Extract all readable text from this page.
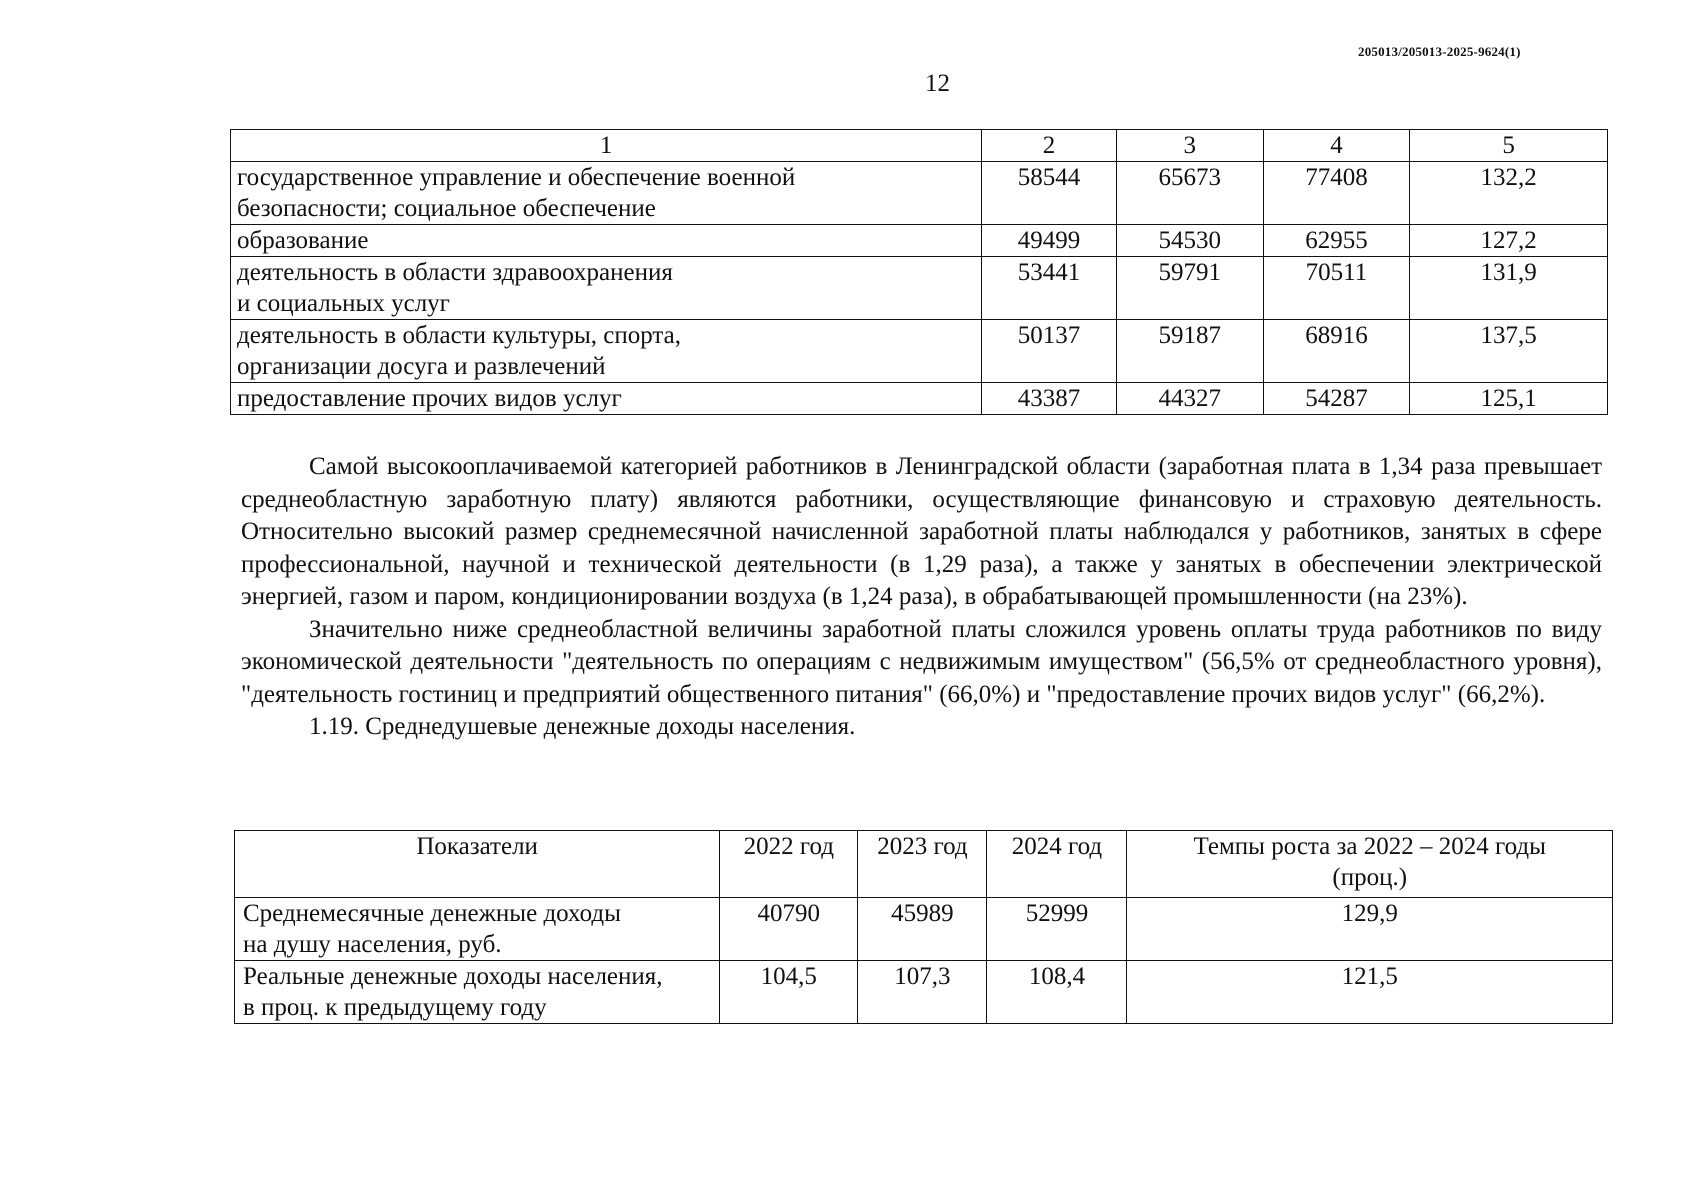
205013/205013-2025-9624(1)
12
1	2	3	4	5
государственное управление и обеспечение военной
безопасности; социальное обеспечение	58544	65673	77408	132,2
образование	49499	54530	62955	127,2
деятельность в области здравоохранения
и социальных услуг	53441	59791	70511	131,9
деятельность в области культуры, спорта,
организации досуга и развлечений	50137	59187	68916	137,5
предоставление прочих видов услуг	43387	44327	54287	125,1

Самой высокооплачиваемой категорией работников в Ленинградской области (заработная плата в 1,34 раза превышает среднеобластную заработную плату) являются работники, осуществляющие финансовую и страховую деятельность. Относительно высокий размер среднемесячной начисленной заработной платы наблюдался у работников, занятых в сфере профессиональной, научной и технической деятельности (в 1,29 раза), а также у занятых в обеспечении электрической энергией, газом и паром, кондиционировании воздуха (в 1,24 раза), в обрабатывающей промышленности (на 23%).

Значительно ниже среднеобластной величины заработной платы сложился уровень оплаты труда работников по виду экономической деятельности "деятельность по операциям с недвижимым имуществом" (56,5% от среднеобластного уровня), "деятельность гостиниц и предприятий общественного питания" (66,0%) и "предоставление прочих видов услуг" (66,2%).

1.19. Среднедушевые денежные доходы населения.

Показатели	2022 год	2023 год	2024 год	Темпы роста за 2022 – 2024 годы
(проц.)
Среднемесячные денежные доходы
на душу населения, руб.	40790	45989	52999	129,9
Реальные денежные доходы населения,
в проц. к предыдущему году	104,5	107,3	108,4	121,5
